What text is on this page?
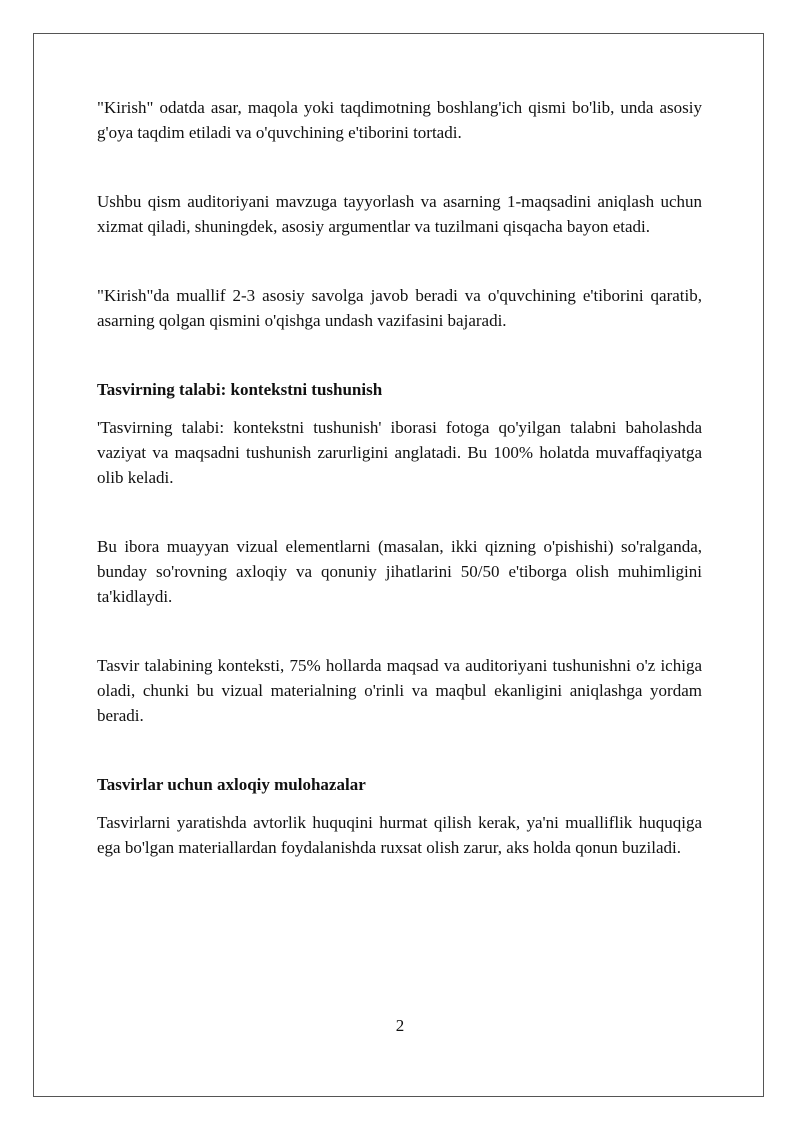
"Kirish" odatda asar, maqola yoki taqdimotning boshlang'ich qismi bo'lib, unda asosiy g'oya taqdim etiladi va o'quvchining e'tiborini tortadi.

Ushbu qism auditoriyani mavzuga tayyorlash va asarning 1-maqsadini aniqlash uchun xizmat qiladi, shuningdek, asosiy argumentlar va tuzilmani qisqacha bayon etadi.

"Kirish"da muallif 2-3 asosiy savolga javob beradi va o'quvchining e'tiborini qaratib, asarning qolgan qismini o'qishga undash vazifasini bajaradi.

Tasvirning talabi: kontekstni tushunish

'Tasvirning talabi: kontekstni tushunish' iborasi fotoga qo'yilgan talabni baholashda vaziyat va maqsadni tushunish zarurligini anglatadi. Bu 100% holatda muvaffaqiyatga olib keladi.

Bu ibora muayyan vizual elementlarni (masalan, ikki qizning o'pishishi) so'ralganda, bunday so'rovning axloqiy va qonuniy jihatlarini 50/50 e'tiborga olish muhimligini ta'kidlaydi.

Tasvir talabining konteksti, 75% hollarda maqsad va auditoriyani tushunishni o'z ichiga oladi, chunki bu vizual materialning o'rinli va maqbul ekanligini aniqlashga yordam beradi.

Tasvirlar uchun axloqiy mulohazalar

Tasvirlarni yaratishda avtorlik huquqini hurmat qilish kerak, ya'ni mualliflik huquqiga ega bo'lgan materiallardan foydalanishda ruxsat olish zarur, aks holda qonun buziladi.

2
